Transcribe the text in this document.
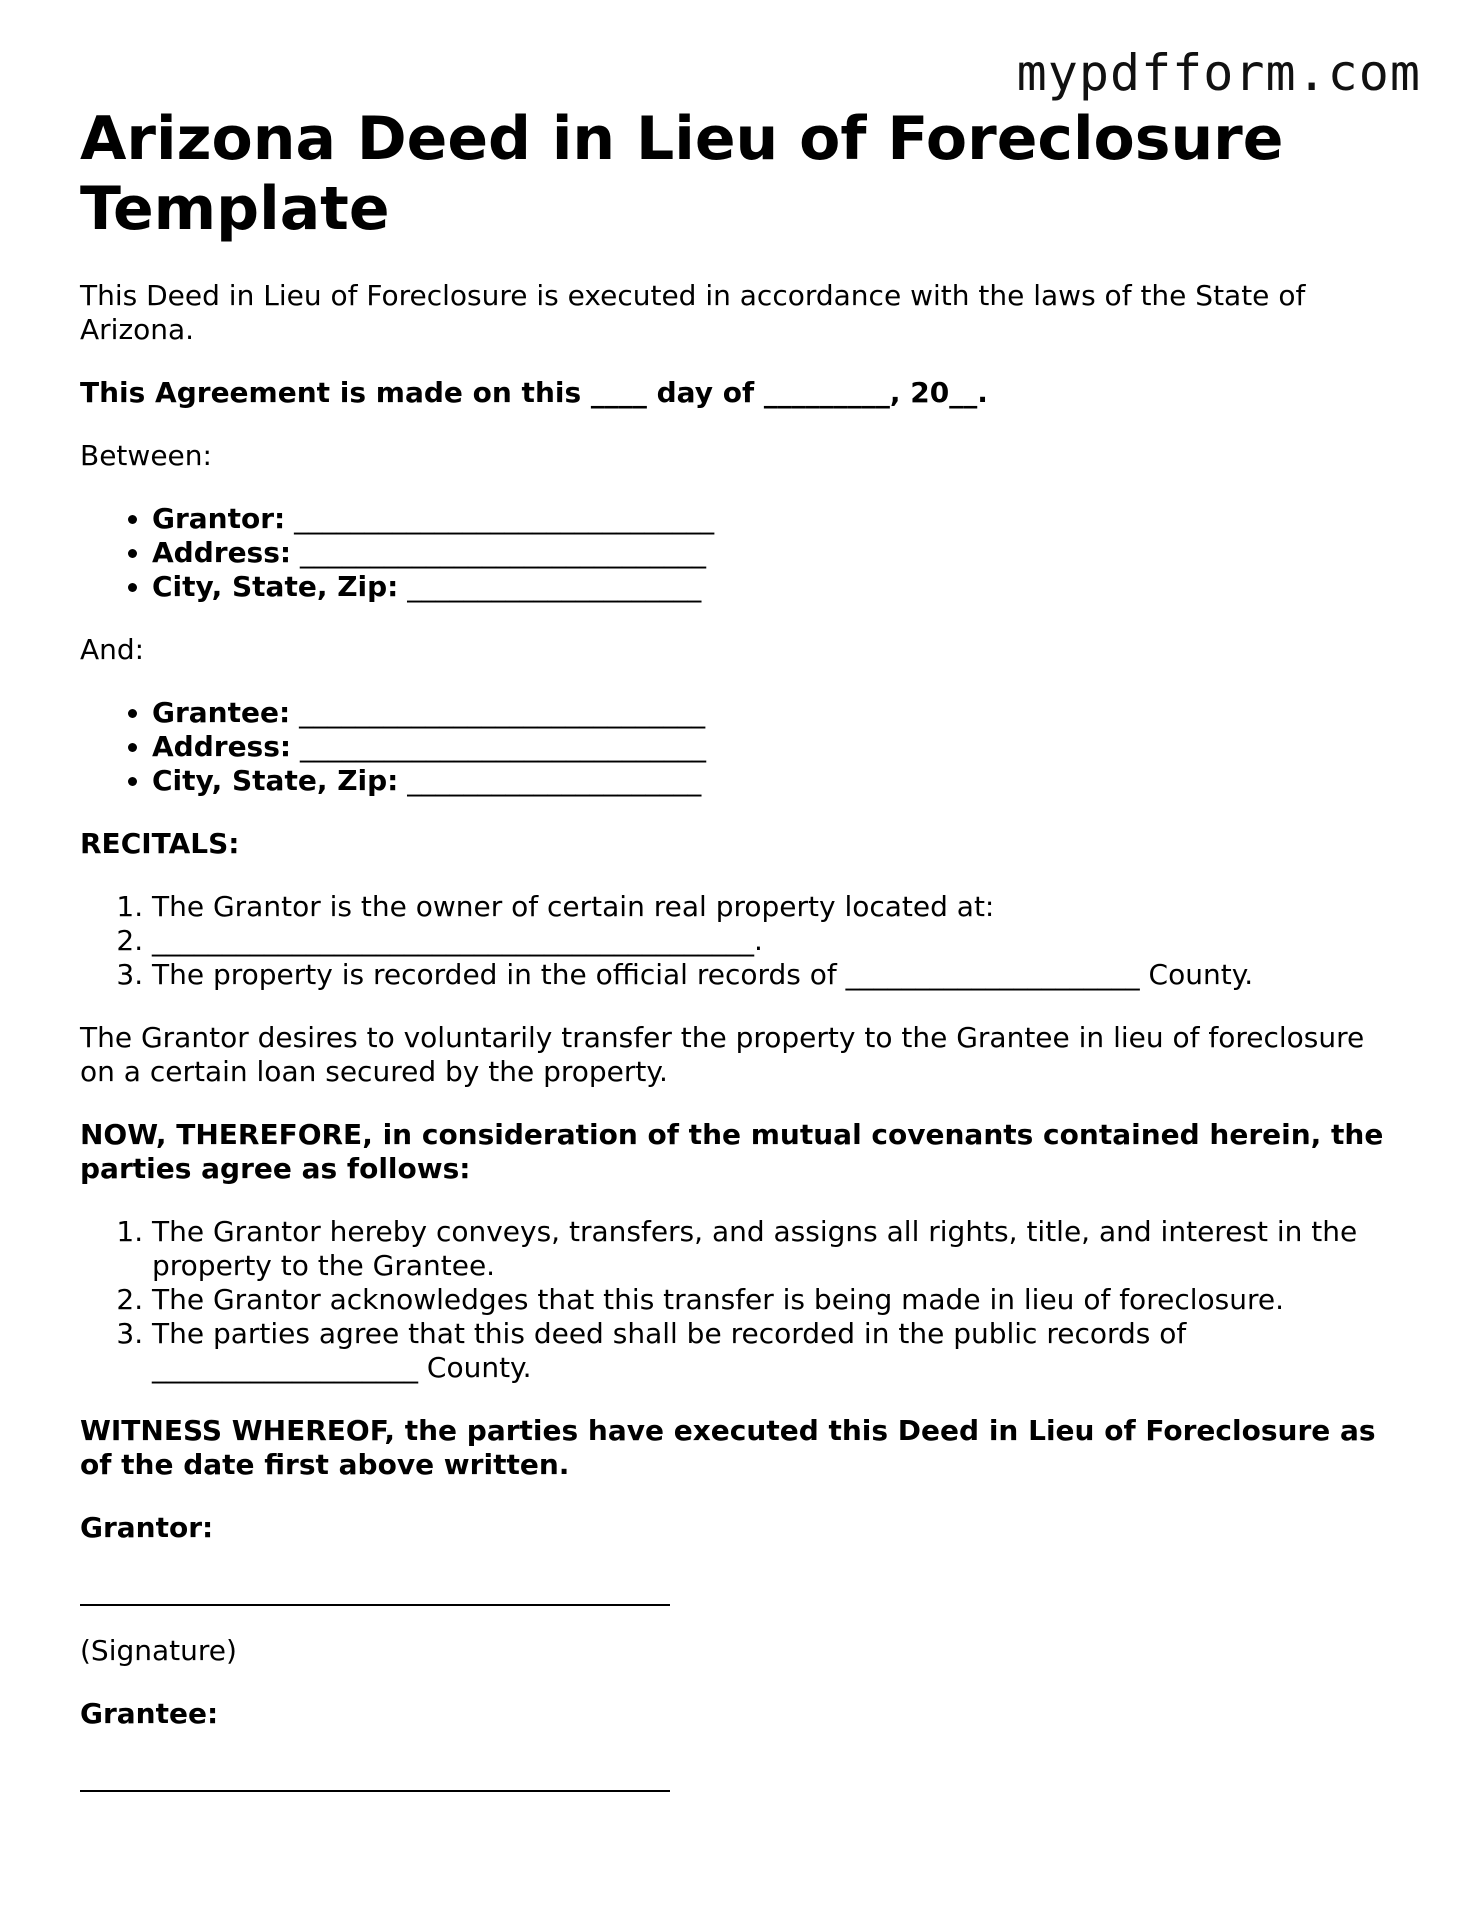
mypdfform.com
Arizona Deed in Lieu of Foreclosure Template

This Deed in Lieu of Foreclosure is executed in accordance with the laws of the State of Arizona.

This Agreement is made on this ____ day of _________, 20__.

Between:

• Grantor: ______________________________
• Address: _____________________________
• City, State, Zip: _____________________

And:

• Grantee: _____________________________
• Address: _____________________________
• City, State, Zip: _____________________

RECITALS:

1. The Grantor is the owner of certain real property located at:
2. ___________________________________________.
3. The property is recorded in the official records of _____________________ County.

The Grantor desires to voluntarily transfer the property to the Grantee in lieu of foreclosure on a certain loan secured by the property.

NOW, THEREFORE, in consideration of the mutual covenants contained herein, the parties agree as follows:

1. The Grantor hereby conveys, transfers, and assigns all rights, title, and interest in the property to the Grantee.
2. The Grantor acknowledges that this transfer is being made in lieu of foreclosure.
3. The parties agree that this deed shall be recorded in the public records of ___________________ County.

WITNESS WHEREOF, the parties have executed this Deed in Lieu of Foreclosure as of the date first above written.

Grantor:

(Signature)

Grantee:
